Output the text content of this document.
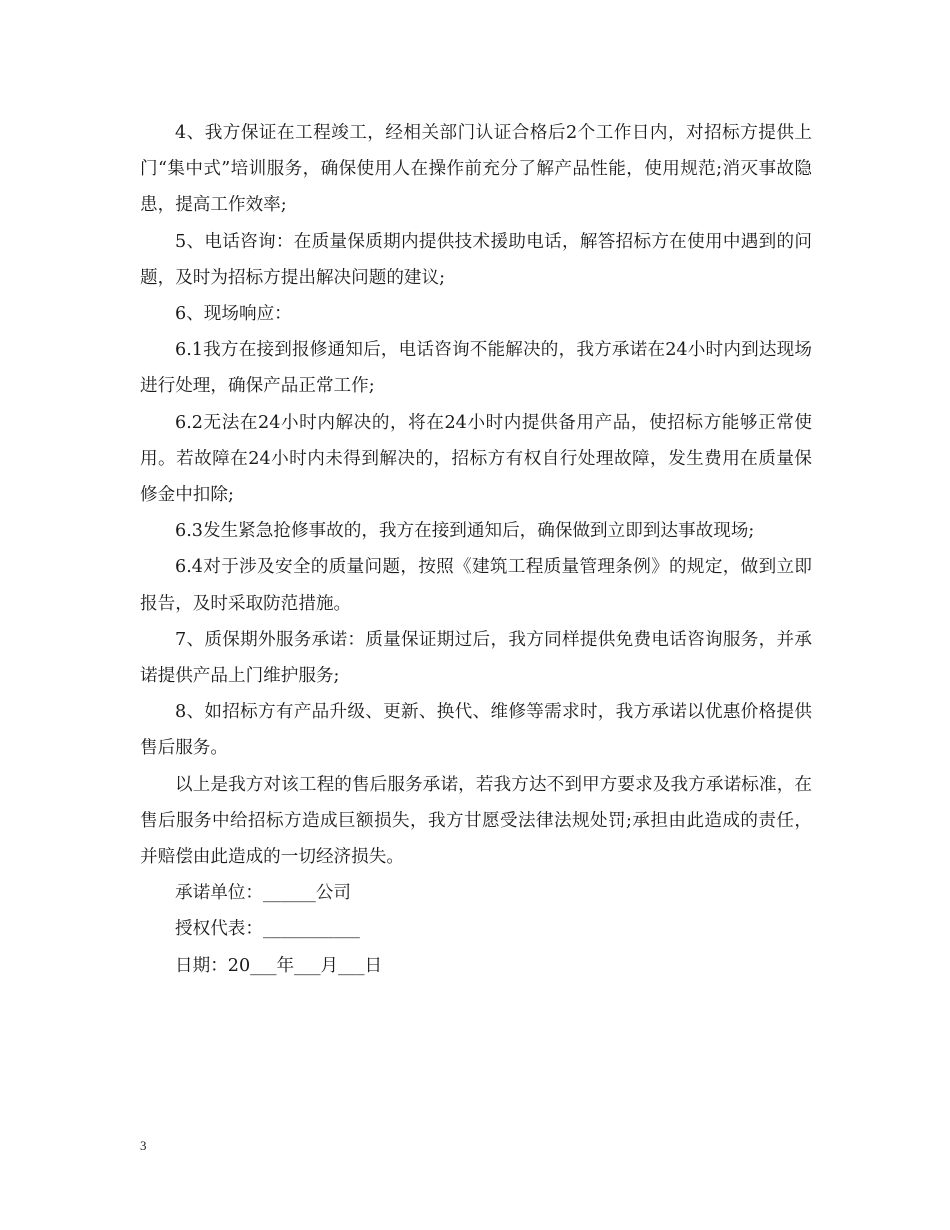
4、我方保证在工程竣工，经相关部门认证合格后2个工作日内，对招标方提供上门“集中式”培训服务，确保使用人在操作前充分了解产品性能，使用规范;消灭事故隐患，提高工作效率;

5、电话咨询：在质量保质期内提供技术援助电话，解答招标方在使用中遇到的问题，及时为招标方提出解决问题的建议;

6、现场响应：

6.1我方在接到报修通知后，电话咨询不能解决的，我方承诺在24小时内到达现场进行处理，确保产品正常工作;

6.2无法在24小时内解决的，将在24小时内提供备用产品，使招标方能够正常使用。若故障在24小时内未得到解决的，招标方有权自行处理故障，发生费用在质量保修金中扣除;

6.3发生紧急抢修事故的，我方在接到通知后，确保做到立即到达事故现场;

6.4对于涉及安全的质量问题，按照《建筑工程质量管理条例》的规定，做到立即报告，及时采取防范措施。

7、质保期外服务承诺：质量保证期过后，我方同样提供免费电话咨询服务，并承诺提供产品上门维护服务;

8、如招标方有产品升级、更新、换代、维修等需求时，我方承诺以优惠价格提供售后服务。

以上是我方对该工程的售后服务承诺，若我方达不到甲方要求及我方承诺标准，在售后服务中给招标方造成巨额损失，我方甘愿受法律法规处罚;承担由此造成的责任，并赔偿由此造成的一切经济损失。

承诺单位：______公司

授权代表：___________

日期：20___年___月___日

3
